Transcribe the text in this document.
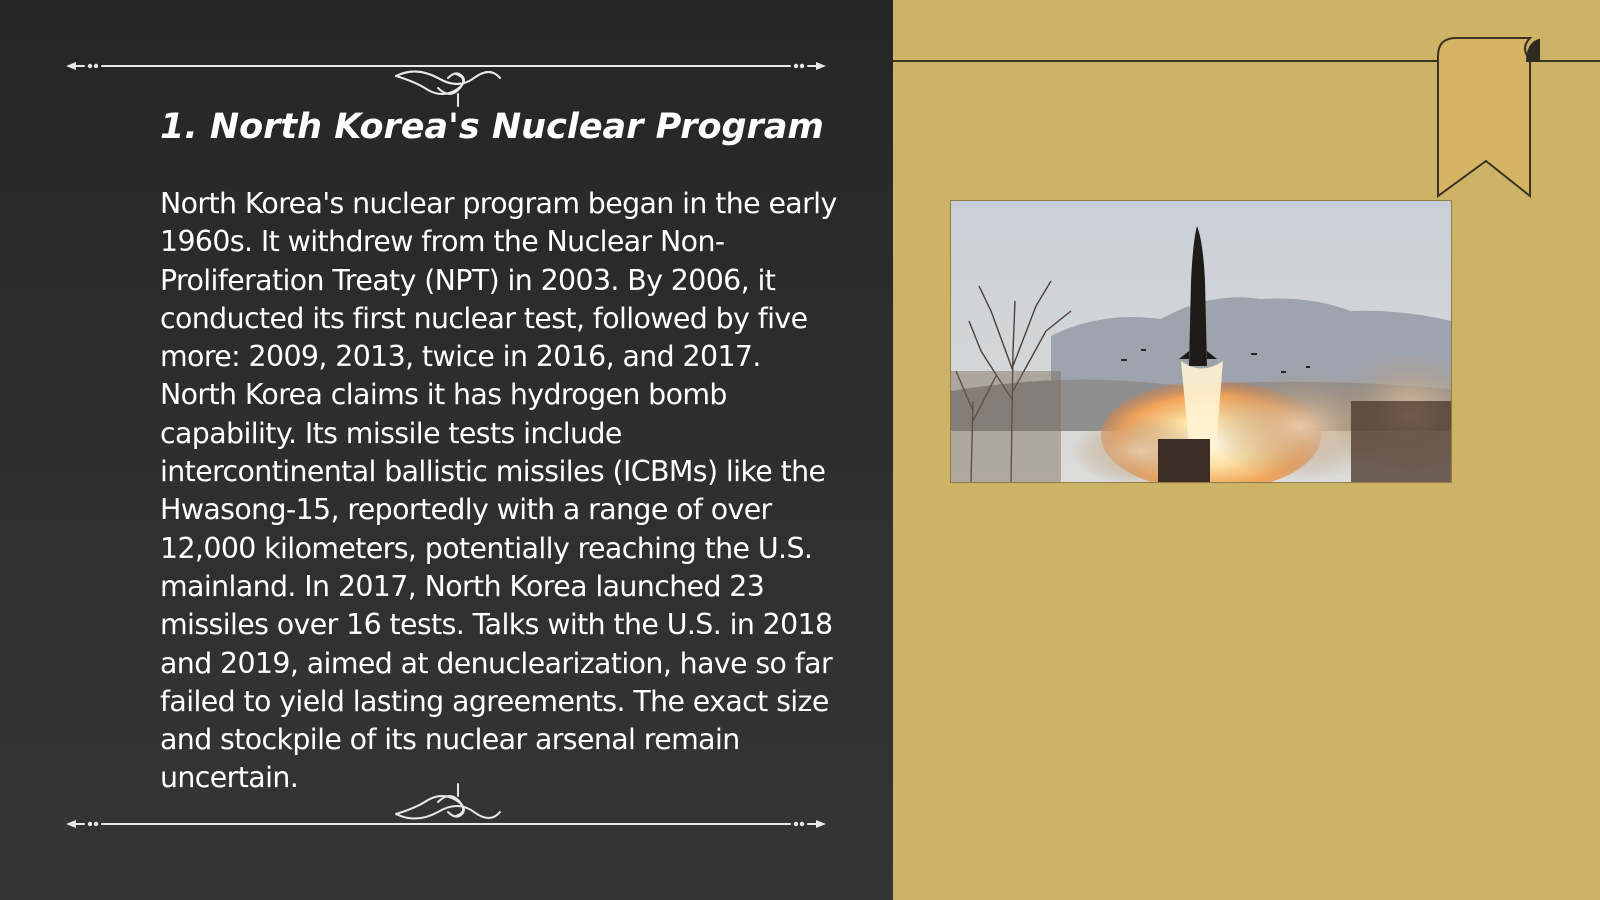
1. North Korea's Nuclear Program

North Korea's nuclear program began in the early 1960s. It withdrew from the Nuclear Non-Proliferation Treaty (NPT) in 2003. By 2006, it conducted its first nuclear test, followed by five more: 2009, 2013, twice in 2016, and 2017. North Korea claims it has hydrogen bomb capability. Its missile tests include intercontinental ballistic missiles (ICBMs) like the Hwasong-15, reportedly with a range of over 12,000 kilometers, potentially reaching the U.S. mainland. In 2017, North Korea launched 23 missiles over 16 tests. Talks with the U.S. in 2018 and 2019, aimed at denuclearization, have so far failed to yield lasting agreements. The exact size and stockpile of its nuclear arsenal remain uncertain.
